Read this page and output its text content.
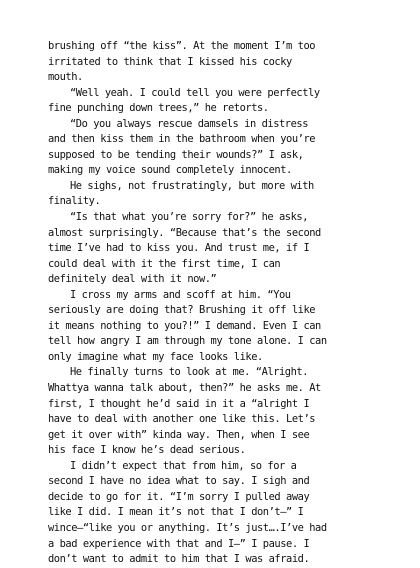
brushing off “the kiss”. At the moment I’m too
irritated to think that I kissed his cocky
mouth.
“Well yeah. I could tell you were perfectly
fine punching down trees,” he retorts.
“Do you always rescue damsels in distress
and then kiss them in the bathroom when you’re
supposed to be tending their wounds?” I ask,
making my voice sound completely innocent.
He sighs, not frustratingly, but more with
finality.
“Is that what you’re sorry for?” he asks,
almost surprisingly. “Because that’s the second
time I’ve had to kiss you. And trust me, if I
could deal with it the first time, I can
definitely deal with it now.”
I cross my arms and scoff at him. “You
seriously are doing that? Brushing it off like
it means nothing to you?!” I demand. Even I can
tell how angry I am through my tone alone. I can
only imagine what my face looks like.
He finally turns to look at me. “Alright.
Whattya wanna talk about, then?” he asks me. At
first, I thought he’d said in it a “alright I
have to deal with another one like this. Let’s
get it over with” kinda way. Then, when I see
his face I know he’s dead serious.
I didn’t expect that from him, so for a
second I have no idea what to say. I sigh and
decide to go for it. “I’m sorry I pulled away
like I did. I mean it’s not that I don’t—” I
wince—“like you or anything. It’s just….I’ve had
a bad experience with that and I—” I pause. I
don’t want to admit to him that I was afraid.
